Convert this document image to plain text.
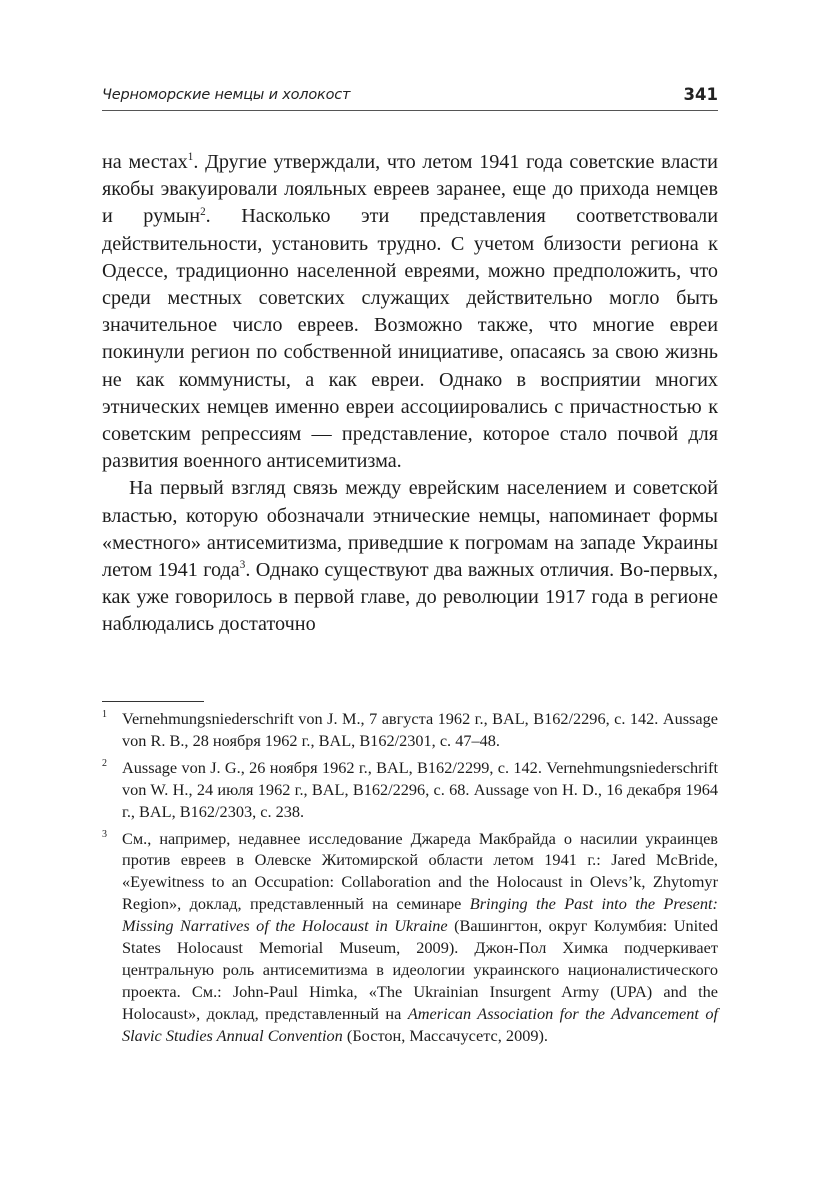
Черноморские немцы и холокост	341

на местах$^1$. Другие утверждали, что летом 1941 года советские власти якобы эвакуировали лояльных евреев заранее, еще до прихода немцев и румын$^2$. Насколько эти представления соответствовали действительности, установить трудно. С учетом близости региона к Одессе, традиционно населенной евреями, можно предположить, что среди местных советских служащих действительно могло быть значительное число евреев. Возможно также, что многие евреи покинули регион по собственной инициативе, опасаясь за свою жизнь не как коммунисты, а как евреи. Однако в восприятии многих этнических немцев именно евреи ассоциировались с причастностью к советским репрессиям — представление, которое стало почвой для развития военного антисемитизма.

На первый взгляд связь между еврейским населением и советской властью, которую обозначали этнические немцы, напоминает формы «местного» антисемитизма, приведшие к погромам на западе Украины летом 1941 года$^3$. Однако существуют два важных отличия. Во-первых, как уже говорилось в первой главе, до революции 1917 года в регионе наблюдались достаточно

1 Vernehmungsniederschrift von J. M., 7 августа 1962 г., BAL, B162/2296, с. 142. Aussage von R. B., 28 ноября 1962 г., BAL, B162/2301, с. 47–48.
2 Aussage von J. G., 26 ноября 1962 г., BAL, B162/2299, с. 142. Vernehmungsniederschrift von W. H., 24 июля 1962 г., BAL, B162/2296, с. 68. Aussage von H. D., 16 декабря 1964 г., BAL, B162/2303, с. 238.
3 См., например, недавнее исследование Джареда Макбрайда о насилии украинцев против евреев в Олевске Житомирской области летом 1941 г.: Jared McBride, «Eyewitness to an Occupation: Collaboration and the Holocaust in Olevs’k, Zhytomyr Region», доклад, представленный на семинаре Bringing the Past into the Present: Missing Narratives of the Holocaust in Ukraine (Вашингтон, округ Колумбия: United States Holocaust Memorial Museum, 2009). Джон-Пол Химка подчеркивает центральную роль антисемитизма в идеологии украинского националистического проекта. См.: John-Paul Himka, «The Ukrainian Insurgent Army (UPA) and the Holocaust», доклад, представленный на American Association for the Advancement of Slavic Studies Annual Convention (Бостон, Массачусетс, 2009).
